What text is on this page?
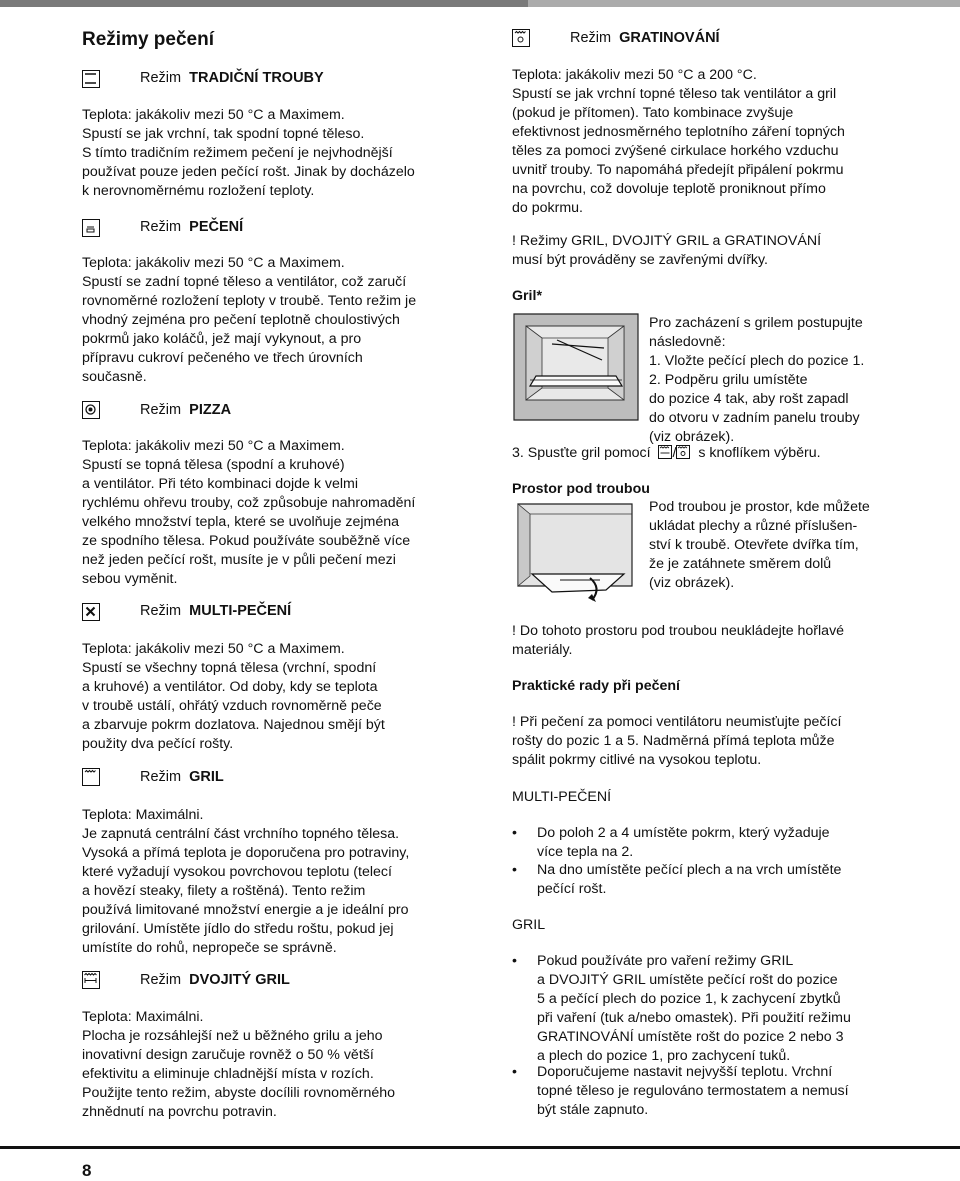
Režimy pečení
Režim TRADIČNÍ TROUBY
Teplota: jakákoliv mezi 50 °C a Maximem.
Spustí se jak vrchní, tak spodní topné těleso.
S tímto tradičním režimem pečení je nejvhodnější
používat pouze jeden pečící rošt. Jinak by docházelo
k nerovnoměrnému rozložení teploty.
Režim PEČENÍ
Teplota: jakákoliv mezi 50 °C a Maximem.
Spustí se zadní topné těleso a ventilátor, což zaručí
rovnoměrné rozložení teploty v troubě. Tento režim je
vhodný zejména pro pečení teplotně choulostivých
pokrmů jako koláčů, jež mají vykynout, a pro
přípravu cukroví pečeného ve třech úrovních
současně.
Režim PIZZA
Teplota: jakákoliv mezi 50 °C a Maximem.
Spustí se topná tělesa (spodní a kruhové)
a ventilátor. Při této kombinaci dojde k velmi
rychlému ohřevu trouby, což způsobuje nahromadění
velkého množství tepla, které se uvolňuje zejména
ze spodního tělesa. Pokud používáte souběžně více
než jeden pečící rošt, musíte je v půli pečení mezi
sebou vyměnit.
Režim MULTI-PEČENÍ
Teplota: jakákoliv mezi 50 °C a Maximem.
Spustí se všechny topná tělesa (vrchní, spodní
a kruhové) a ventilátor. Od doby, kdy se teplota
v troubě ustálí, ohřátý vzduch rovnoměrně peče
a zbarvuje pokrm dozlatova. Najednou smějí být
použity dva pečící rošty.
Režim GRIL
Teplota: Maximálni.
Je zapnutá centrální část vrchního topného tělesa.
Vysoká a přímá teplota je doporučena pro potraviny,
které vyžadují vysokou povrchovou teplotu (telecí
a hovězí steaky, filety a roštěná). Tento režim
používá limitované množství energie a je ideální pro
grilování. Umístěte jídlo do středu roštu, pokud jej
umístíte do rohů, nepropeče se správně.
Režim DVOJITÝ GRIL
Teplota: Maximálni.
Plocha je rozsáhlejší než u běžného grilu a jeho
inovativní design zaručuje rovněž o 50 % větší
efektivitu a eliminuje chladnější místa v rozích.
Použijte tento režim, abyste docílili rovnoměrného
zhnědnutí na povrchu potravin.
Režim GRATINOVÁNÍ
Teplota: jakákoliv mezi 50 °C a 200 °C.
Spustí se jak vrchní topné těleso tak ventilátor a gril
(pokud je přítomen). Tato kombinace zvyšuje
efektivnost jednosměrného teplotního záření topných
těles za pomoci zvýšené cirkulace horkého vzduchu
uvnitř trouby. To napomáhá předejít připálení pokrmu
na povrchu, což dovoluje teplotě proniknout přímo
do pokrmu.
! Režimy GRIL, DVOJITÝ GRIL a GRATINOVÁNÍ
musí být prováděny se zavřenými dvířky.
Gril*
Pro zacházení s grilem postupujte
následovně:
1. Vložte pečící plech do pozice 1.
2. Podpěru grilu umístěte
do pozice 4 tak, aby rošt zapadl
do otvoru v zadním panelu trouby
(viz obrázek).
3. Spusťte gril pomocí / s knoflíkem výběru.
Prostor pod troubou
Pod troubou je prostor, kde můžete
ukládat plechy a různé příslušen-
ství k troubě. Otevřete dvířka tím,
že je zatáhnete směrem dolů
(viz obrázek).
! Do tohoto prostoru pod troubou neukládejte hořlavé
materiály.
Praktické rady při pečení
! Při pečení za pomoci ventilátoru neumisťujte pečící
rošty do pozic 1 a 5. Nadměrná přímá teplota může
spálit pokrmy citlivé na vysokou teplotu.
MULTI-PEČENÍ
• Do poloh 2 a 4 umístěte pokrm, který vyžaduje
více tepla na 2.
• Na dno umístěte pečící plech a na vrch umístěte
pečící rošt.
GRIL
• Pokud používáte pro vaření režimy GRIL
a DVOJITÝ GRIL umístěte pečící rošt do pozice
5 a pečící plech do pozice 1, k zachycení zbytků
při vaření (tuk a/nebo omastek). Při použití režimu
GRATINOVÁNÍ umístěte rošt do pozice 2 nebo 3
a plech do pozice 1, pro zachycení tuků.
• Doporučujeme nastavit nejvyšší teplotu. Vrchní
topné těleso je regulováno termostatem a nemusí
být stále zapnuto.
8
